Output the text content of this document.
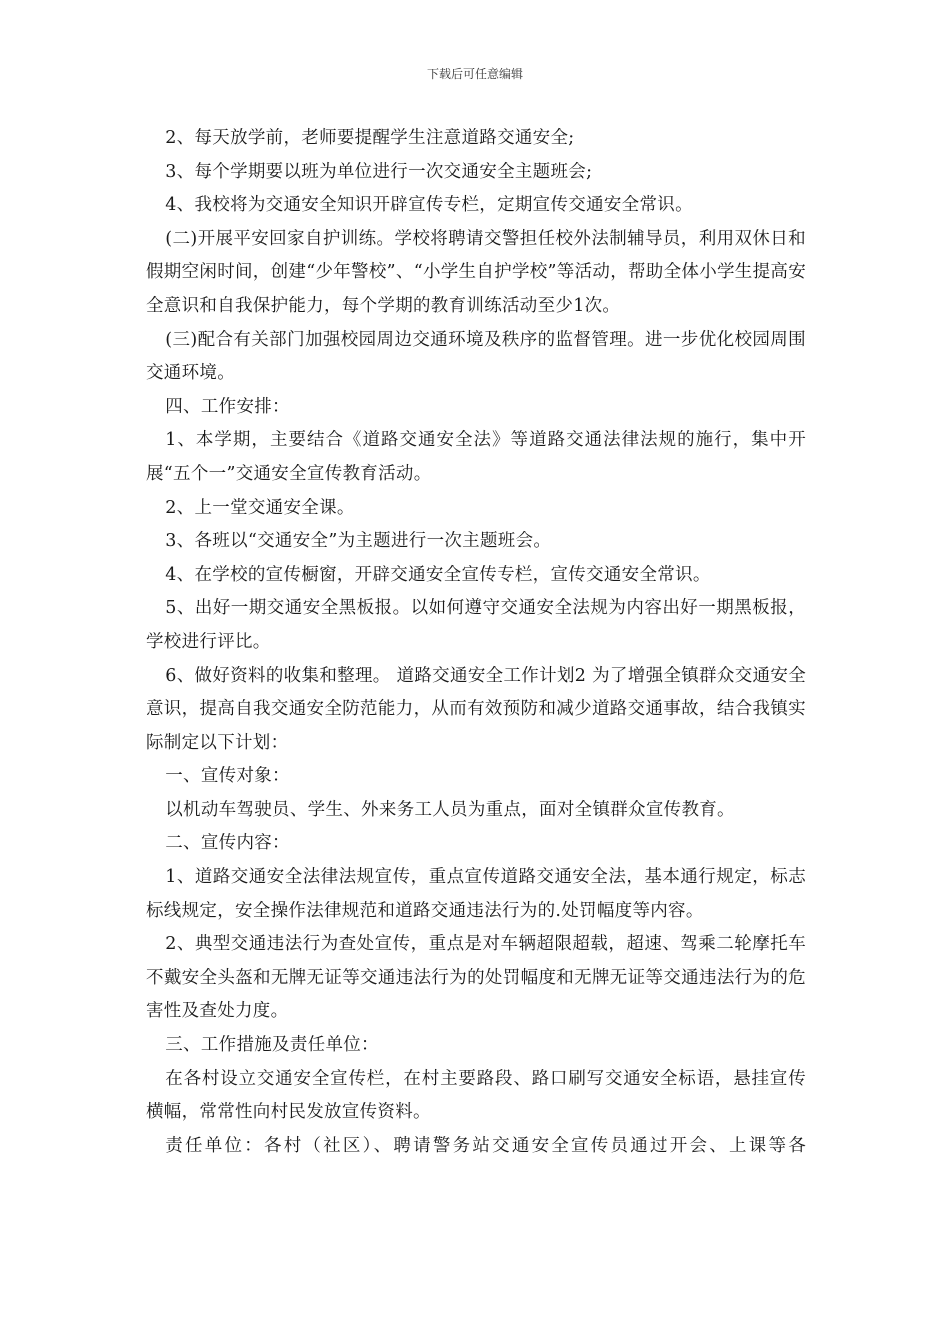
下载后可任意编辑

2、每天放学前，老师要提醒学生注意道路交通安全;

3、每个学期要以班为单位进行一次交通安全主题班会;

4、我校将为交通安全知识开辟宣传专栏，定期宣传交通安全常识。

(二)开展平安回家自护训练。学校将聘请交警担任校外法制辅导员，利用双休日和假期空闲时间，创建“少年警校”、“小学生自护学校”等活动，帮助全体小学生提高安全意识和自我保护能力，每个学期的教育训练活动至少1次。

(三)配合有关部门加强校园周边交通环境及秩序的监督管理。进一步优化校园周围交通环境。

四、工作安排：

1、本学期，主要结合《道路交通安全法》等道路交通法律法规的施行，集中开展“五个一”交通安全宣传教育活动。

2、上一堂交通安全课。

3、各班以“交通安全”为主题进行一次主题班会。

4、在学校的宣传橱窗，开辟交通安全宣传专栏，宣传交通安全常识。

5、出好一期交通安全黑板报。以如何遵守交通安全法规为内容出好一期黑板报，学校进行评比。

6、做好资料的收集和整理。 道路交通安全工作计划2 为了增强全镇群众交通安全意识，提高自我交通安全防范能力，从而有效预防和减少道路交通事故，结合我镇实际制定以下计划：

一、宣传对象：

以机动车驾驶员、学生、外来务工人员为重点，面对全镇群众宣传教育。

二、宣传内容：

1、道路交通安全法律法规宣传，重点宣传道路交通安全法，基本通行规定，标志标线规定，安全操作法律规范和道路交通违法行为的.处罚幅度等内容。

2、典型交通违法行为查处宣传，重点是对车辆超限超载，超速、驾乘二轮摩托车不戴安全头盔和无牌无证等交通违法行为的处罚幅度和无牌无证等交通违法行为的危害性及查处力度。

三、工作措施及责任单位：

在各村设立交通安全宣传栏，在村主要路段、路口刷写交通安全标语，悬挂宣传横幅，常常性向村民发放宣传资料。

责任单位：各村（社区）、聘请警务站交通安全宣传员通过开会、上课等各
